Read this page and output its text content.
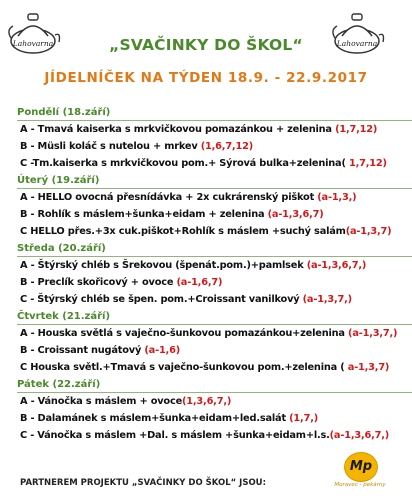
Lahovarna	Lahovarna
„SVAČINKY DO ŠKOL“
JÍDELNÍČEK NA TÝDEN 18.9. - 22.9.2017
Pondělí (18.září)
A - Tmavá kaiserka s mrkvičkovou pomazánkou + zelenina (1,7,12)
B - Müsli koláč s nutelou + mrkev (1,6,7,12)
C -Tm.kaiserka s mrkvičkovou pom.+ Sýrová bulka+zelenina( 1,7,12)
Úterý (19.září)
A - HELLO ovocná přesnídávka + 2x cukrárenský piškot (a-1,3,)
B - Rohlík s máslem+šunka+eidam + zelenina (a-1,3,6,7)
C HELLO přes.+3x cuk.piškot+Rohlík s máslem +suchý salám(a-1,3,7)
Středa (20.září)
A - Štýrský chléb s Šrekovou (špenát.pom.)+pamlsek (a-1,3,6,7,)
B - Preclík skořicový + ovoce (a-1,6,7)
C - Štýrský chléb se špen. pom.+Croissant vanilkový (a-1,3,7,)
Čtvrtek (21.září)
A - Houska světlá s vaječno-šunkovou pomazánkou+zelenina (a-1,3,7,)
B - Croissant nugátový (a-1,6)
C Houska světl.+Tmavá s vaječno-šunkovou pom.+zelenina ( a-1,3,7)
Pátek (22.září)
A - Vánočka s máslem + ovoce(1,3,6,7,)
B - Dalamánek s máslem+šunka+eidam+led.salát (1,7,)
C - Vánočka s máslem +Dal. s máslem +šunka+eidam+l.s.(a-1,3,6,7,)
PARTNEREM PROJEKTU „SVAČINKY DO ŠKOL“ JSOU:
Mp
Moravec - pekárny
